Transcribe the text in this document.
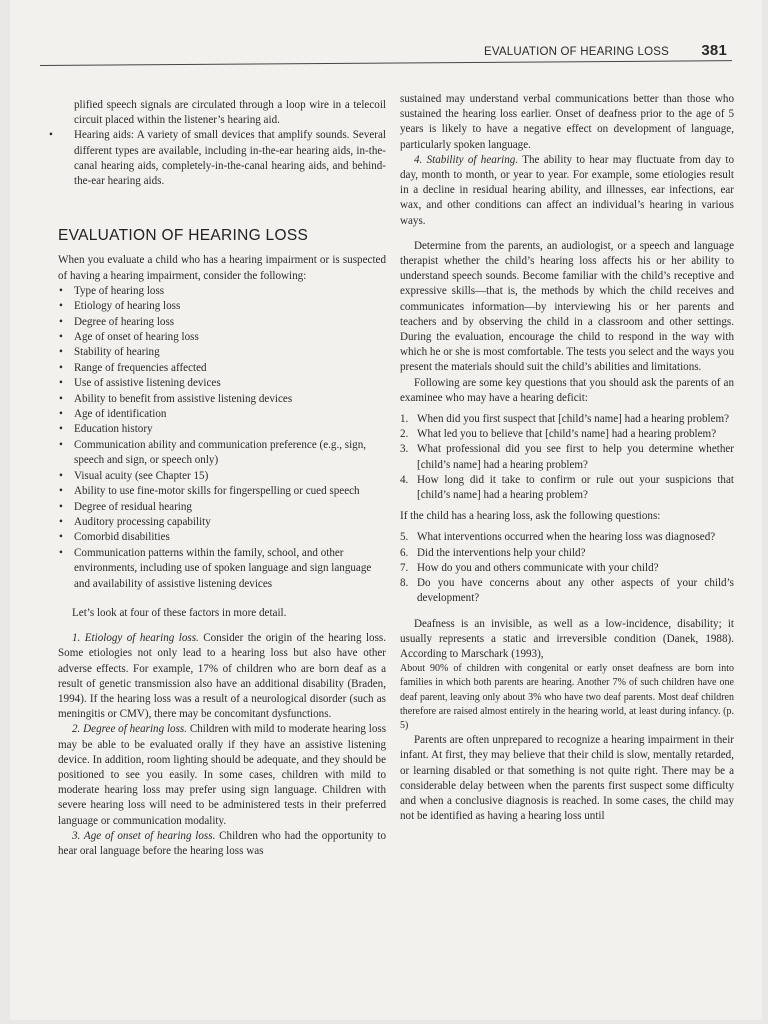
EVALUATION OF HEARING LOSS 381

plified speech signals are circulated through a loop wire in a telecoil circuit placed within the listener’s hearing aid.

• Hearing aids: A variety of small devices that amplify sounds. Several different types are available, including in-the-ear hearing aids, in-the-canal hearing aids, completely-in-the-canal hearing aids, and behind-the-ear hearing aids.
EVALUATION OF HEARING LOSS

When you evaluate a child who has a hearing impairment or is suspected of having a hearing impairment, consider the following:

• Type of hearing loss
• Etiology of hearing loss
• Degree of hearing loss
• Age of onset of hearing loss
• Stability of hearing
• Range of frequencies affected
• Use of assistive listening devices
• Ability to benefit from assistive listening devices
• Age of identification
• Education history
• Communication ability and communication preference (e.g., sign, speech and sign, or speech only)
• Visual acuity (see Chapter 15)
• Ability to use fine-motor skills for fingerspelling or cued speech
• Degree of residual hearing
• Auditory processing capability
• Comorbid disabilities
• Communication patterns within the family, school, and other environments, including use of spoken language and sign language and availability of assistive listening devices

Let’s look at four of these factors in more detail.

1. Etiology of hearing loss. Consider the origin of the hearing loss. Some etiologies not only lead to a hearing loss but also have other adverse effects. For example, 17% of children who are born deaf as a result of genetic transmission also have an additional disability (Braden, 1994). If the hearing loss was a result of a neurological disorder (such as meningitis or CMV), there may be concomitant dysfunctions.

2. Degree of hearing loss. Children with mild to moderate hearing loss may be able to be evaluated orally if they have an assistive listening device. In addition, room lighting should be adequate, and they should be positioned to see you easily. In some cases, children with mild to moderate hearing loss may prefer using sign language. Children with severe hearing loss will need to be administered tests in their preferred language or communication modality.

3. Age of onset of hearing loss. Children who had the opportunity to hear oral language before the hearing loss was

sustained may understand verbal communications better than those who sustained the hearing loss earlier. Onset of deafness prior to the age of 5 years is likely to have a negative effect on development of language, particularly spoken language.

4. Stability of hearing. The ability to hear may fluctuate from day to day, month to month, or year to year. For example, some etiologies result in a decline in residual hearing ability, and illnesses, ear infections, ear wax, and other conditions can affect an individual’s hearing in various ways.

Determine from the parents, an audiologist, or a speech and language therapist whether the child’s hearing loss affects his or her ability to understand speech sounds. Become familiar with the child’s receptive and expressive skills—that is, the methods by which the child receives and communicates information—by interviewing his or her parents and teachers and by observing the child in a classroom and other settings. During the evaluation, encourage the child to respond in the way with which he or she is most comfortable. The tests you select and the ways you present the materials should suit the child’s abilities and limitations.

Following are some key questions that you should ask the parents of an examinee who may have a hearing deficit:

1. When did you first suspect that [child’s name] had a hearing problem?
2. What led you to believe that [child’s name] had a hearing problem?
3. What professional did you see first to help you determine whether [child’s name] had a hearing problem?
4. How long did it take to confirm or rule out your suspicions that [child’s name] had a hearing problem?

If the child has a hearing loss, ask the following questions:

5. What interventions occurred when the hearing loss was diagnosed?
6. Did the interventions help your child?
7. How do you and others communicate with your child?
8. Do you have concerns about any other aspects of your child’s development?

Deafness is an invisible, as well as a low-incidence, disability; it usually represents a static and irreversible condition (Danek, 1988). According to Marschark (1993),

About 90% of children with congenital or early onset deafness are born into families in which both parents are hearing. Another 7% of such children have one deaf parent, leaving only about 3% who have two deaf parents. Most deaf children therefore are raised almost entirely in the hearing world, at least during infancy. (p. 5)

Parents are often unprepared to recognize a hearing impairment in their infant. At first, they may believe that their child is slow, mentally retarded, or learning disabled or that something is not quite right. There may be a considerable delay between when the parents first suspect some difficulty and when a conclusive diagnosis is reached. In some cases, the child may not be identified as having a hearing loss until
